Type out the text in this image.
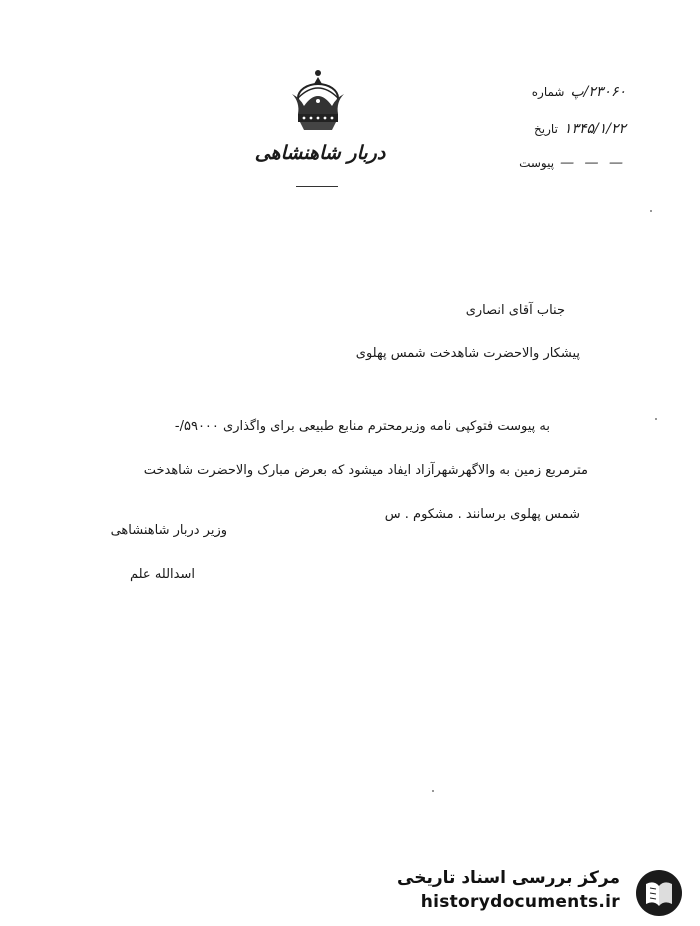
دربار شاهنشاهی
شماره ۲۳۰۶۰/پ
تاریخ ۱۳۴۵/۱/۲۲
پیوست — — —
جناب آقای انصاری
پیشکار والاحضرت شاهدخت شمس پهلوی
به پیوست فتوکپی نامه وزیرمحترم منابع طبیعی برای واگذاری ۵۹۰۰۰/-
مترمربع زمین به والاگهرشهرآزاد ایفاد میشود که بعرض مبارک والاحضرت شاهدخت
شمس پهلوی برسانند . مشکوم . س
وزیر دربار شاهنشاهی
اسدالله علم
مرکز بررسی اسناد تاریخی
historydocuments.ir
